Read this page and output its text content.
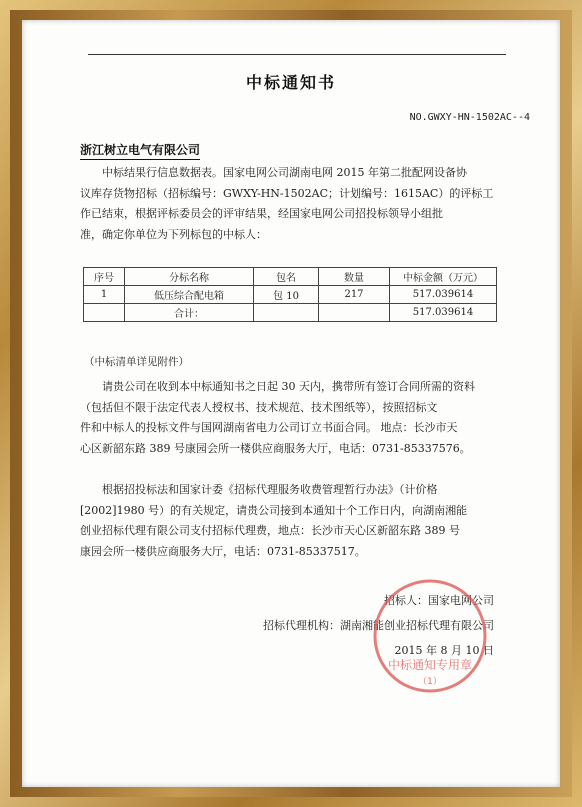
中标通知书
NO.GWXY-HN-1502AC--4
浙江树立电气有限公司
中标结果行信息数据表。国家电网公司湖南电网 2015 年第二批配网设备协
议库存货物招标（招标编号：GWXY-HN-1502AC；计划编号：1615AC）的评标工
作已结束，根据评标委员会的评审结果，经国家电网公司招投标领导小组批
准，确定你单位为下列标包的中标人：
序号	分标名称	包名	数量	中标金额（万元）
1	低压综合配电箱	包 10	217	517.039614
	合计：			517.039614
（中标清单详见附件）
请贵公司在收到本中标通知书之日起 30 天内，携带所有签订合同所需的资料
（包括但不限于法定代表人授权书、技术规范、技术图纸等），按照招标文
件和中标人的投标文件与国网湖南省电力公司订立书面合同。 地点：长沙市天
心区新韶东路 389 号康园会所一楼供应商服务大厅，电话：0731-85337576。
根据招投标法和国家计委《招标代理服务收费管理暂行办法》（计价格
[2002]1980 号）的有关规定，请贵公司接到本通知十个工作日内，向湖南湘能
创业招标代理有限公司支付招标代理费，地点：长沙市天心区新韶东路 389 号
康园会所一楼供应商服务大厅，电话：0731-85337517。
招标人：国家电网公司
招标代理机构：湖南湘能创业招标代理有限公司
2015 年 8 月 10 日
中标通知专用章
（1）
